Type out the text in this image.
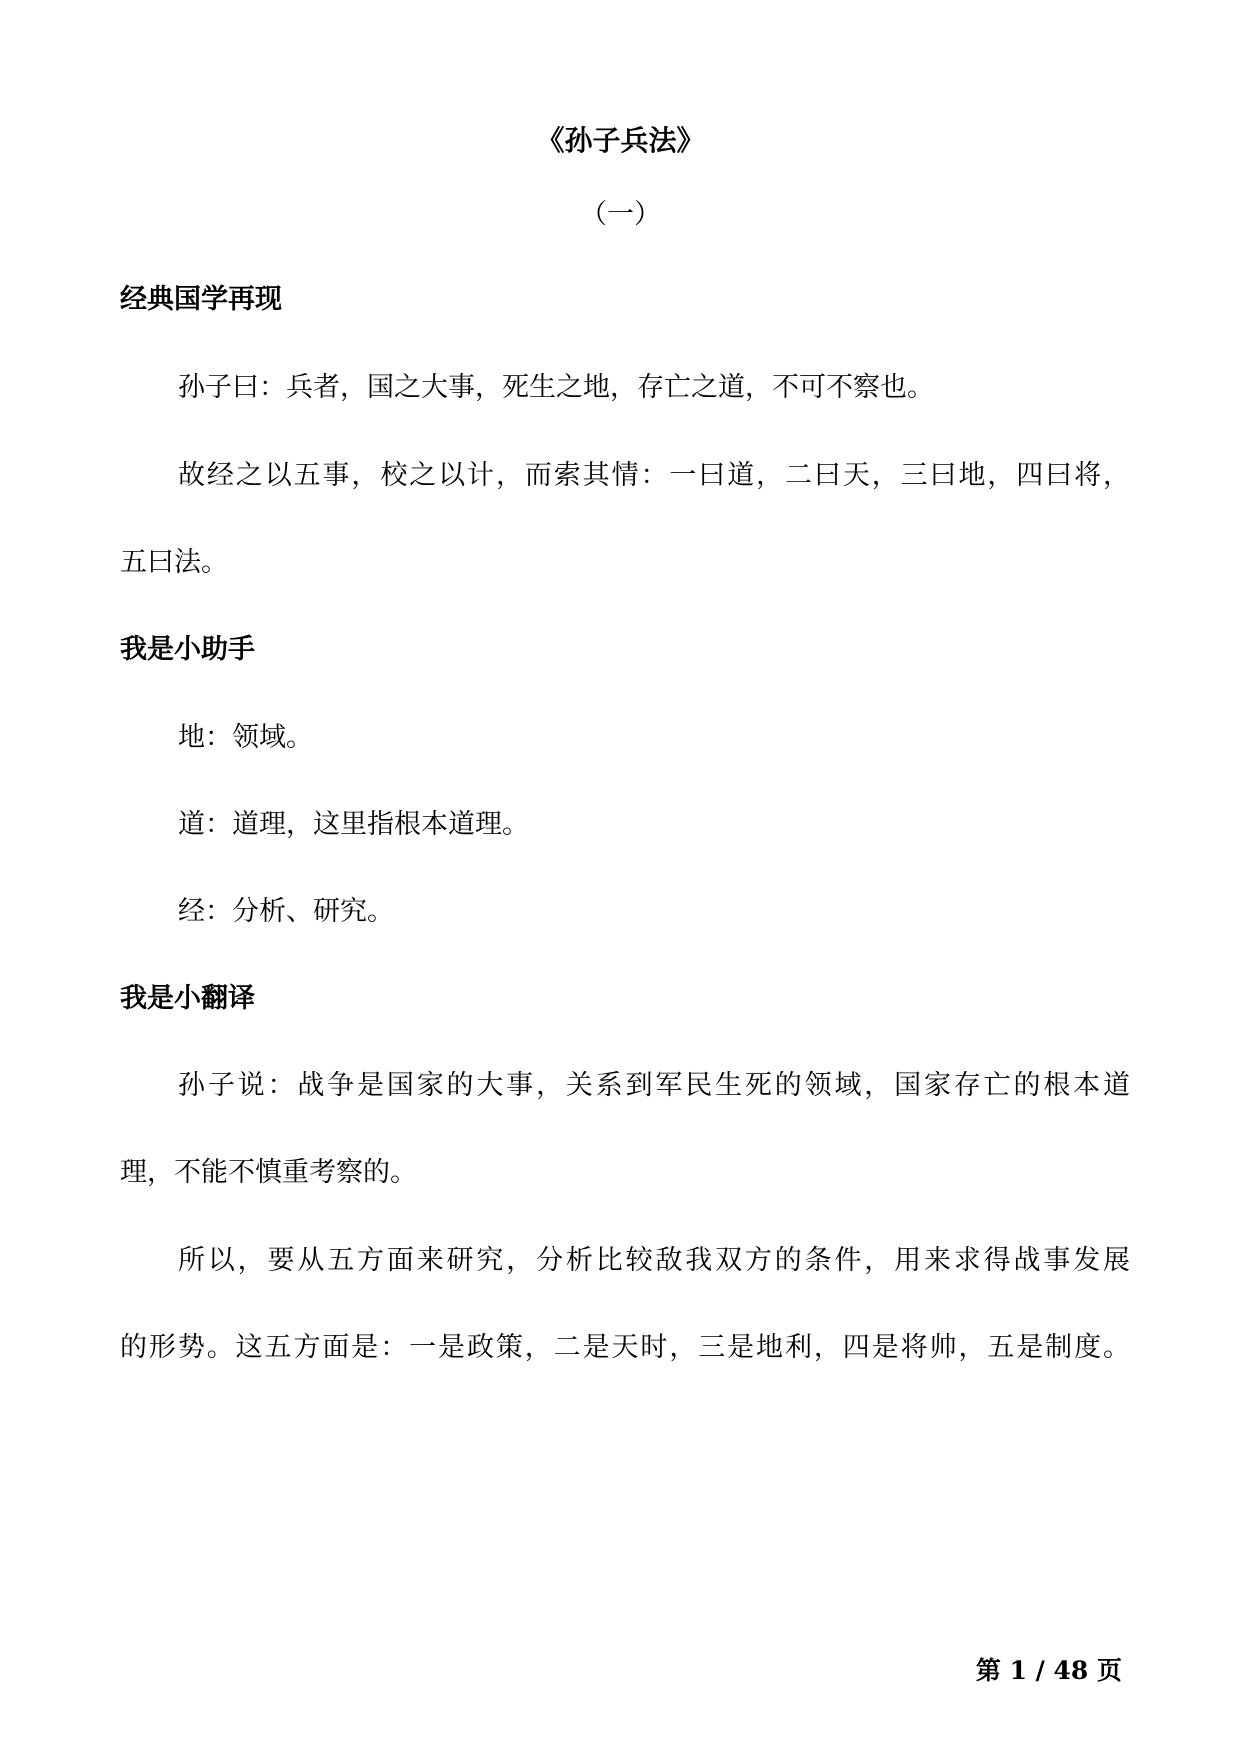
《孙子兵法》
（一）
经典国学再现
孙子曰：兵者，国之大事，死生之地，存亡之道，不可不察也。
故经之以五事，校之以计，而索其情：一曰道，二曰天，三曰地，四曰将，
五曰法。
我是小助手
地：领域。
道：道理，这里指根本道理。
经：分析、研究。
我是小翻译
孙子说：战争是国家的大事，关系到军民生死的领域，国家存亡的根本道
理，不能不慎重考察的。
所以，要从五方面来研究，分析比较敌我双方的条件，用来求得战事发展
的形势。这五方面是：一是政策，二是天时，三是地利，四是将帅，五是制度。
第 1 / 48 页
